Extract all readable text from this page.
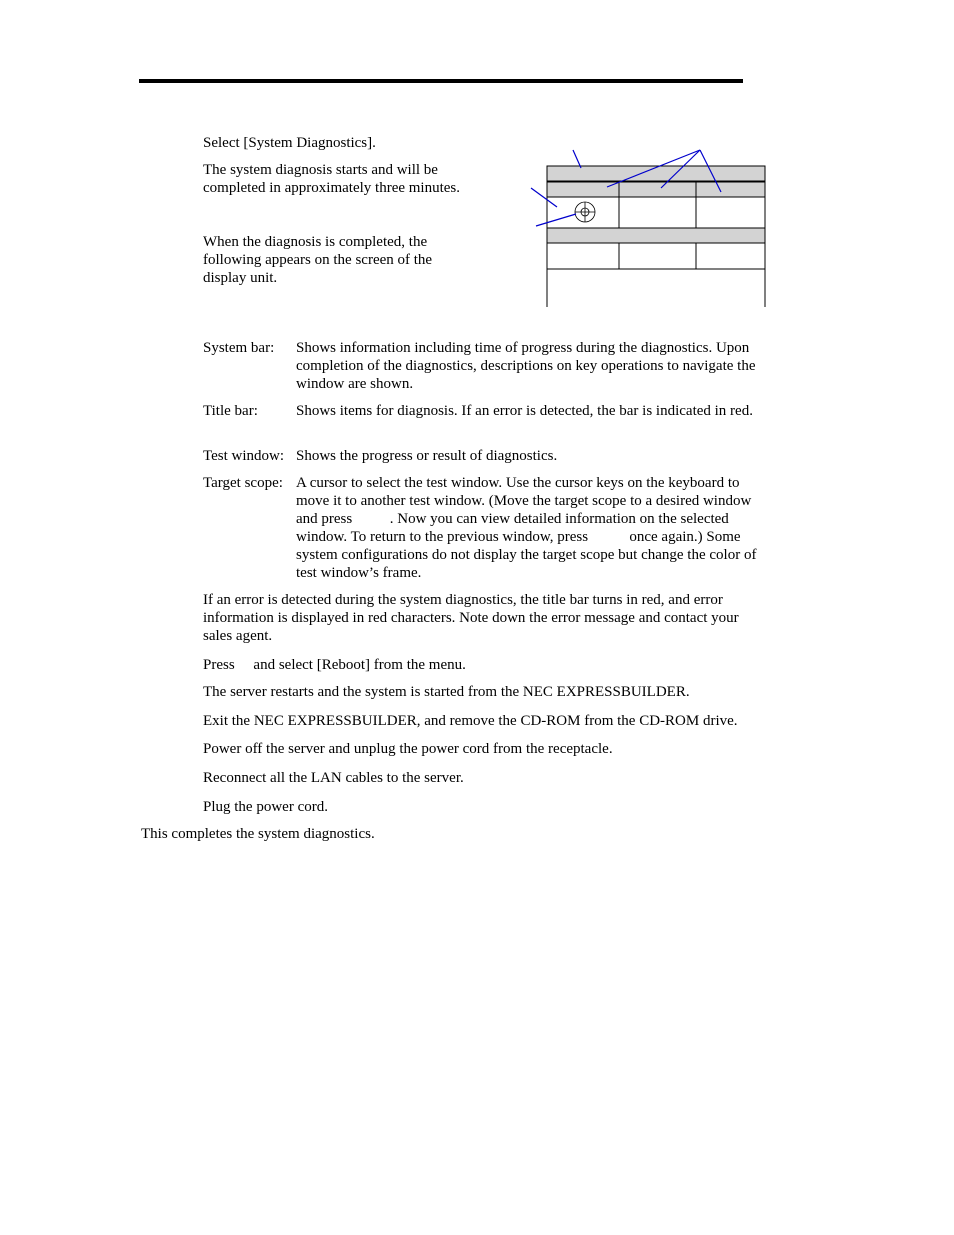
Select [System Diagnostics].

The system diagnosis starts and will be completed in approximately three minutes.

When the diagnosis is completed, the following appears on the screen of the display unit.

System bar:	Shows information including time of progress during the diagnostics. Upon completion of the diagnostics, descriptions on key operations to navigate the window are shown.
Title bar:	Shows items for diagnosis. If an error is detected, the bar is indicated in red.
Test window: Shows the progress or result of diagnostics.
Target scope: A cursor to select the test window. Use the cursor keys on the keyboard to move it to another test window. (Move the target scope to a desired window and press          . Now you can view detailed information on the selected window. To return to the previous window, press           once again.) Some system configurations do not display the target scope but change the color of test window’s frame.

If an error is detected during the system diagnostics, the title bar turns in red, and error information is displayed in red characters. Note down the error message and contact your sales agent.

Press     and select [Reboot] from the menu.

The server restarts and the system is started from the NEC EXPRESSBUILDER.

Exit the NEC EXPRESSBUILDER, and remove the CD-ROM from the CD-ROM drive.

Power off the server and unplug the power cord from the receptacle.

Reconnect all the LAN cables to the server.

Plug the power cord.

This completes the system diagnostics.
